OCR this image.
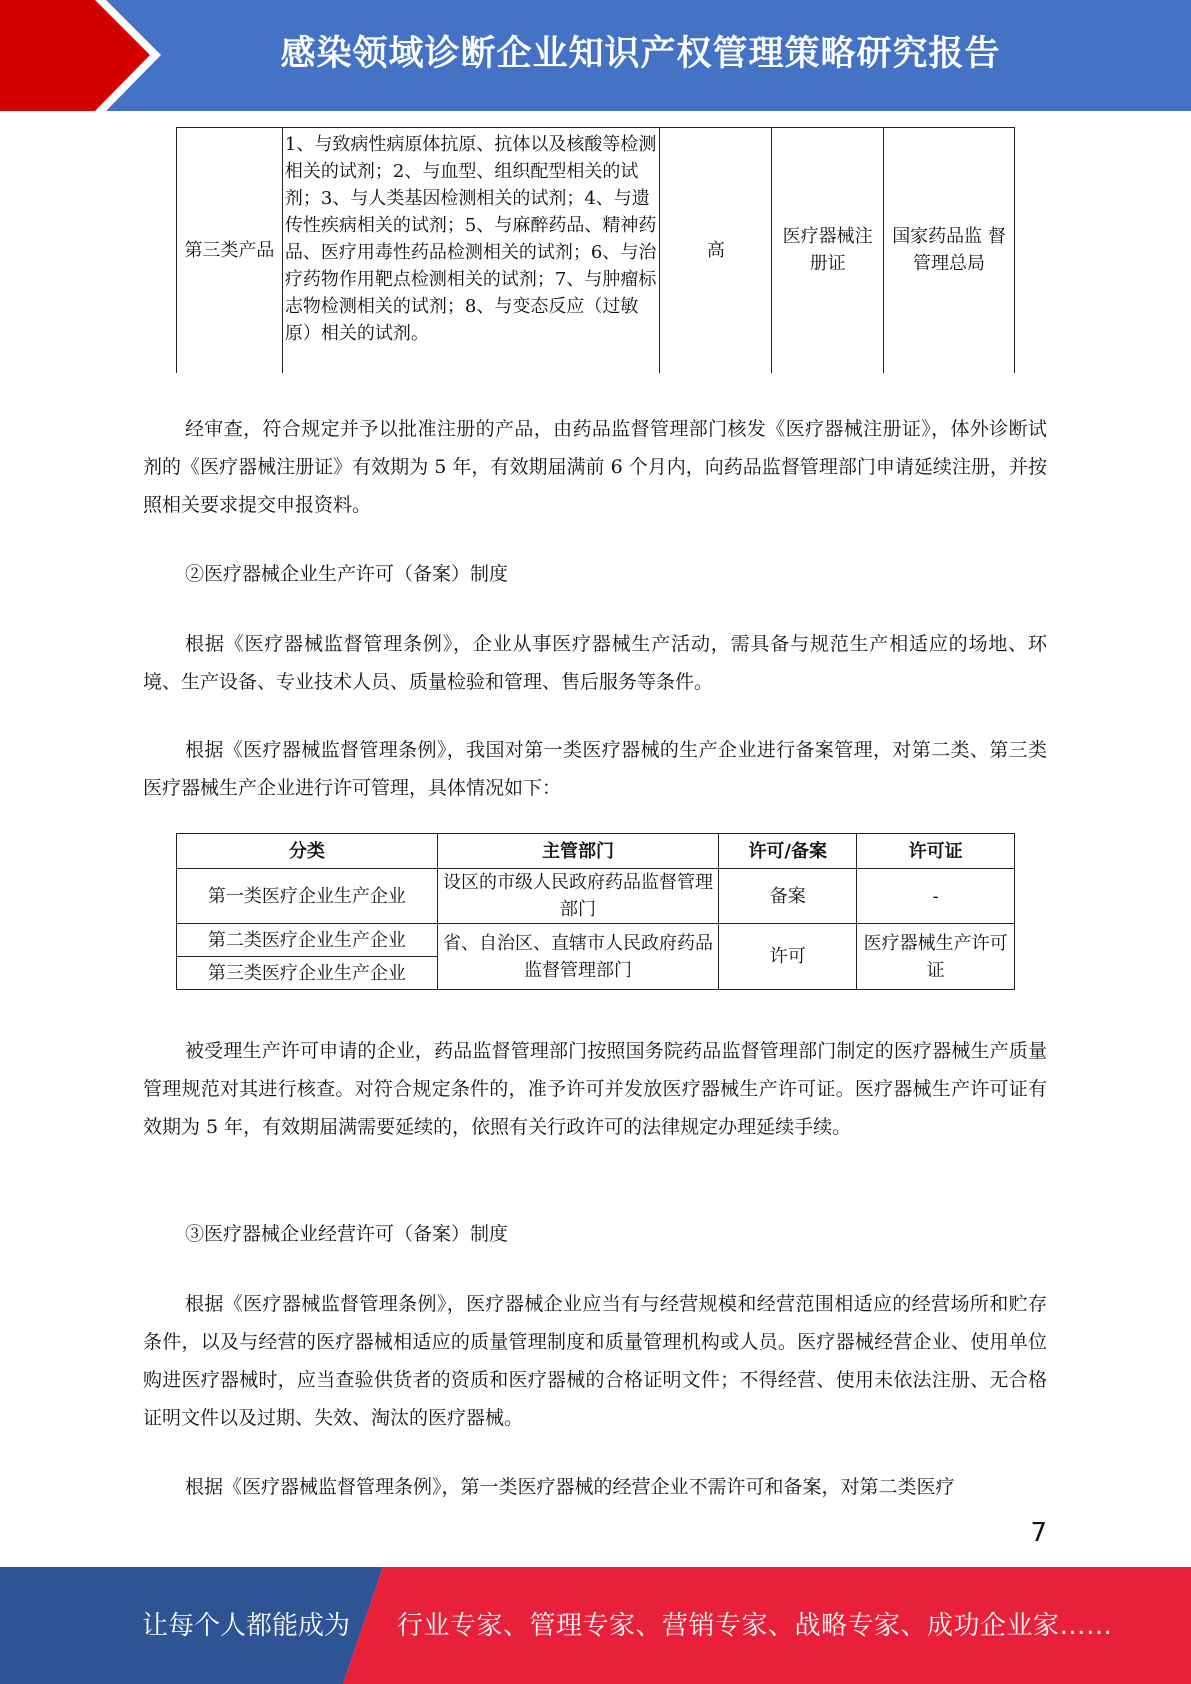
感染领域诊断企业知识产权管理策略研究报告
第三类产品	1、与致病性病原体抗原、抗体以及核酸等检测相关的试剂；2、与血型、组织配型相关的试剂；3、与人类基因检测相关的试剂；4、与遗传性疾病相关的试剂；5、与麻醉药品、精神药品、医疗用毒性药品检测相关的试剂；6、与治疗药物作用靶点检测相关的试剂；7、与肿瘤标志物检测相关的试剂；8、与变态反应（过敏原）相关的试剂。	高	医疗器械注册证	国家药品监 督管理总局

经审查，符合规定并予以批准注册的产品，由药品监督管理部门核发《医疗器械注册证》，体外诊断试剂的《医疗器械注册证》有效期为 5 年，有效期届满前 6 个月内，向药品监督管理部门申请延续注册，并按照相关要求提交申报资料。

②医疗器械企业生产许可（备案）制度

根据《医疗器械监督管理条例》，企业从事医疗器械生产活动，需具备与规范生产相适应的场地、环境、生产设备、专业技术人员、质量检验和管理、售后服务等条件。

根据《医疗器械监督管理条例》，我国对第一类医疗器械的生产企业进行备案管理，对第二类、第三类医疗器械生产企业进行许可管理，具体情况如下：

分类	主管部门	许可/备案	许可证
第一类医疗企业生产企业	设区的市级人民政府药品监督管理部门	备案	-
第二类医疗企业生产企业	省、自治区、直辖市人民政府药品监督管理部门	许可	医疗器械生产许可证
第三类医疗企业生产企业			

被受理生产许可申请的企业，药品监督管理部门按照国务院药品监督管理部门制定的医疗器械生产质量管理规范对其进行核查。对符合规定条件的，准予许可并发放医疗器械生产许可证。医疗器械生产许可证有效期为 5 年，有效期届满需要延续的，依照有关行政许可的法律规定办理延续手续。

③医疗器械企业经营许可（备案）制度

根据《医疗器械监督管理条例》，医疗器械企业应当有与经营规模和经营范围相适应的经营场所和贮存条件，以及与经营的医疗器械相适应的质量管理制度和质量管理机构或人员。医疗器械经营企业、使用单位购进医疗器械时，应当查验供货者的资质和医疗器械的合格证明文件；不得经营、使用未依法注册、无合格证明文件以及过期、失效、淘汰的医疗器械。

根据《医疗器械监督管理条例》，第一类医疗器械的经营企业不需许可和备案，对第二类医疗

7
让每个人都能成为 行业专家、管理专家、营销专家、战略专家、成功企业家……
